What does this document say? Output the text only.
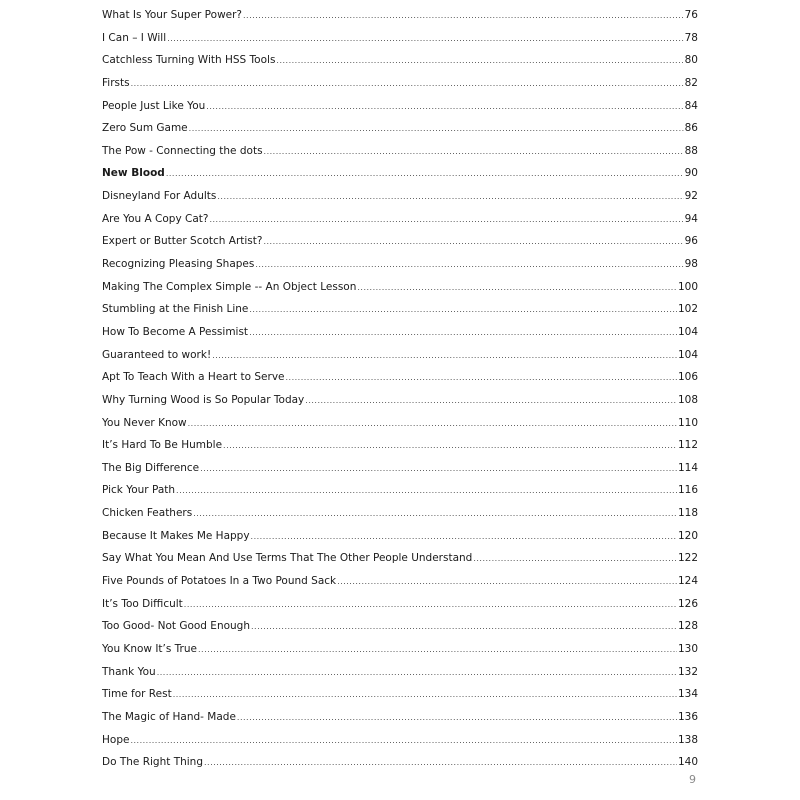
What Is Your Super Power? .....	76
I Can – I Will .....	78
Catchless Turning With HSS Tools .....	80
Firsts .....	82
People Just Like You .....	84
Zero Sum Game .....	86
The Pow - Connecting the dots .....	88
New Blood .....	90
Disneyland For Adults .....	92
Are You A Copy Cat? .....	94
Expert or Butter Scotch Artist? .....	96
Recognizing Pleasing Shapes .....	98
Making The Complex Simple -- An Object Lesson .....	100
Stumbling at the Finish Line .....	102
How To Become A Pessimist .....	104
Guaranteed to work! .....	104
Apt To Teach With a Heart to Serve .....	106
Why Turning Wood is So Popular Today .....	108
You Never Know .....	110
It’s Hard To Be Humble .....	112
The Big Difference .....	114
Pick Your Path .....	116
Chicken Feathers .....	118
Because It Makes Me Happy .....	120
Say What You Mean And Use Terms That The Other People Understand .....	122
Five Pounds of Potatoes In a Two Pound Sack .....	124
It’s Too Difficult .....	126
Too Good- Not Good Enough .....	128
You Know It’s True .....	130
Thank You .....	132
Time for Rest .....	134
The Magic of Hand- Made .....	136
Hope .....	138
Do The Right Thing .....	140
9
